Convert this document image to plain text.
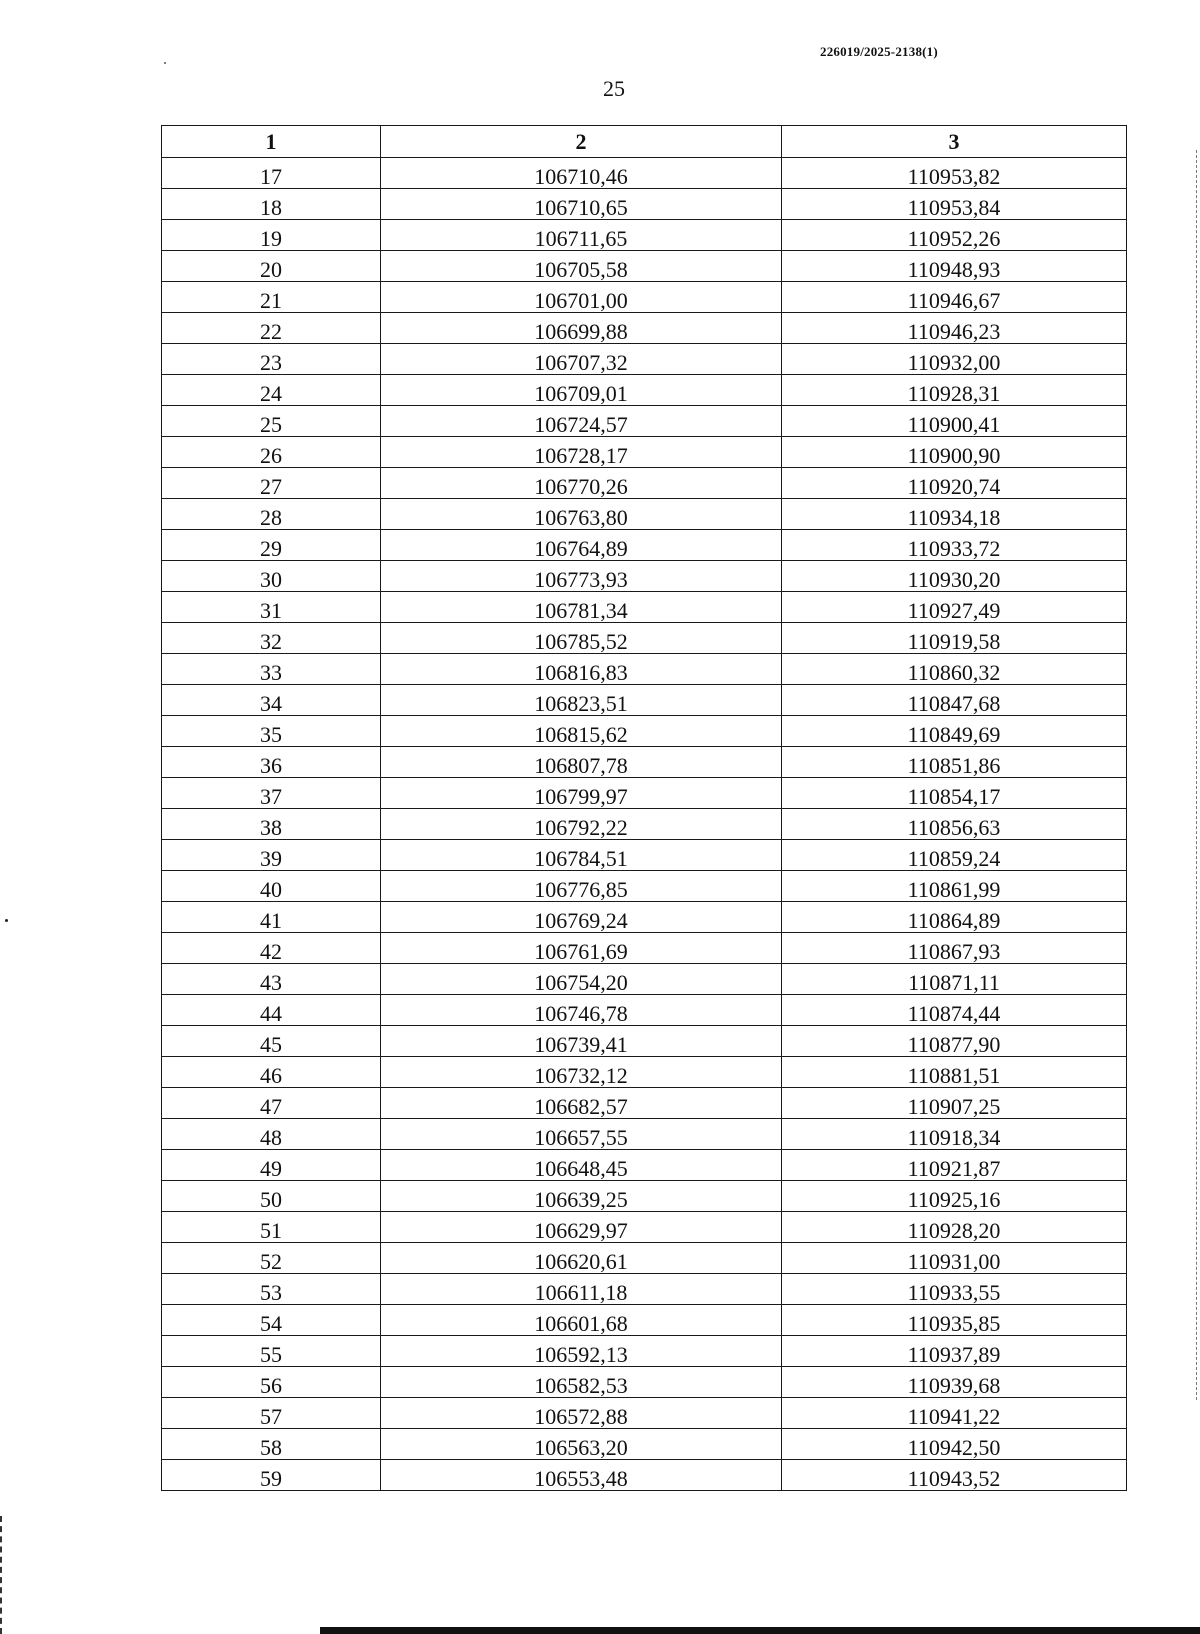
226019/2025-2138(1)
25
1	2	3
17	106710,46	110953,82
18	106710,65	110953,84
19	106711,65	110952,26
20	106705,58	110948,93
21	106701,00	110946,67
22	106699,88	110946,23
23	106707,32	110932,00
24	106709,01	110928,31
25	106724,57	110900,41
26	106728,17	110900,90
27	106770,26	110920,74
28	106763,80	110934,18
29	106764,89	110933,72
30	106773,93	110930,20
31	106781,34	110927,49
32	106785,52	110919,58
33	106816,83	110860,32
34	106823,51	110847,68
35	106815,62	110849,69
36	106807,78	110851,86
37	106799,97	110854,17
38	106792,22	110856,63
39	106784,51	110859,24
40	106776,85	110861,99
41	106769,24	110864,89
42	106761,69	110867,93
43	106754,20	110871,11
44	106746,78	110874,44
45	106739,41	110877,90
46	106732,12	110881,51
47	106682,57	110907,25
48	106657,55	110918,34
49	106648,45	110921,87
50	106639,25	110925,16
51	106629,97	110928,20
52	106620,61	110931,00
53	106611,18	110933,55
54	106601,68	110935,85
55	106592,13	110937,89
56	106582,53	110939,68
57	106572,88	110941,22
58	106563,20	110942,50
59	106553,48	110943,52
